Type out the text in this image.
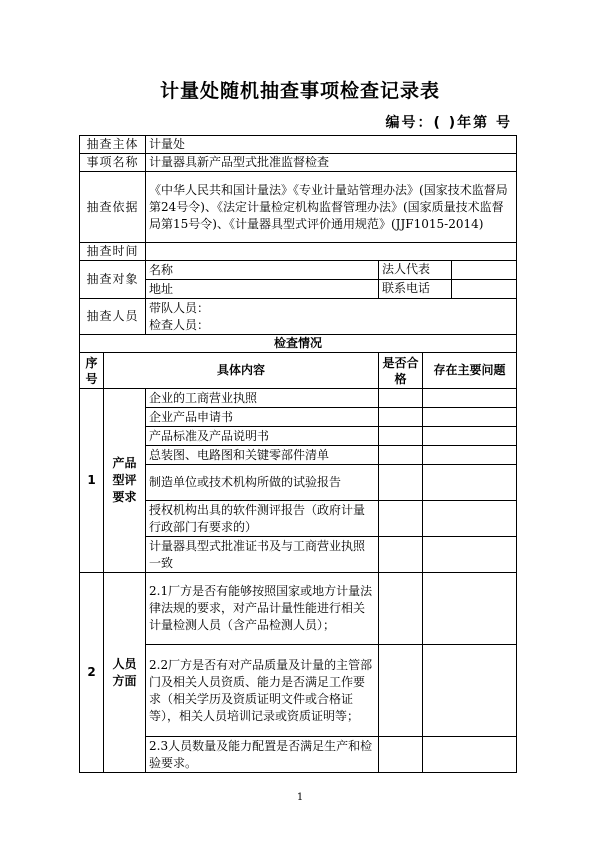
计量处随机抽查事项检查记录表
编号：( )年第 号
抽查主体		计量处		
事项名称		计量器具新产品型式批准监督检查		
抽查依据		《中华人民共和国计量法》《专业计量站管理办法》(国家技术监督局第24号令)、《法定计量检定机构监督管理办法》(国家质量技术监督局第15号令)、《计量器具型式评价通用规范》(JJF1015-2014)		
抽查时间				
抽查对象		名称	法人代表	

		地址	联系电话	

抽查人员		带队人员：
检查人员：		

检查情况				
序号	具体内容		是否合格	存在主要问题
1	产品型评要求	企业的工商营业执照		
		企业产品申请书		
		产品标准及产品说明书		
		总装图、电路图和关键零部件清单		
		制造单位或技术机构所做的试验报告		
		授权机构出具的软件测评报告（政府计量行政部门有要求的）		
		计量器具型式批准证书及与工商营业执照一致		
2	人员方面	2.1厂方是否有能够按照国家或地方计量法律法规的要求，对产品计量性能进行相关计量检测人员（含产品检测人员）；		
		2.2厂方是否有对产品质量及计量的主管部门及相关人员资质、能力是否满足工作要求（相关学历及资质证明文件或合格证等），相关人员培训记录或资质证明等；		
		2.3人员数量及能力配置是否满足生产和检验要求。		
1
